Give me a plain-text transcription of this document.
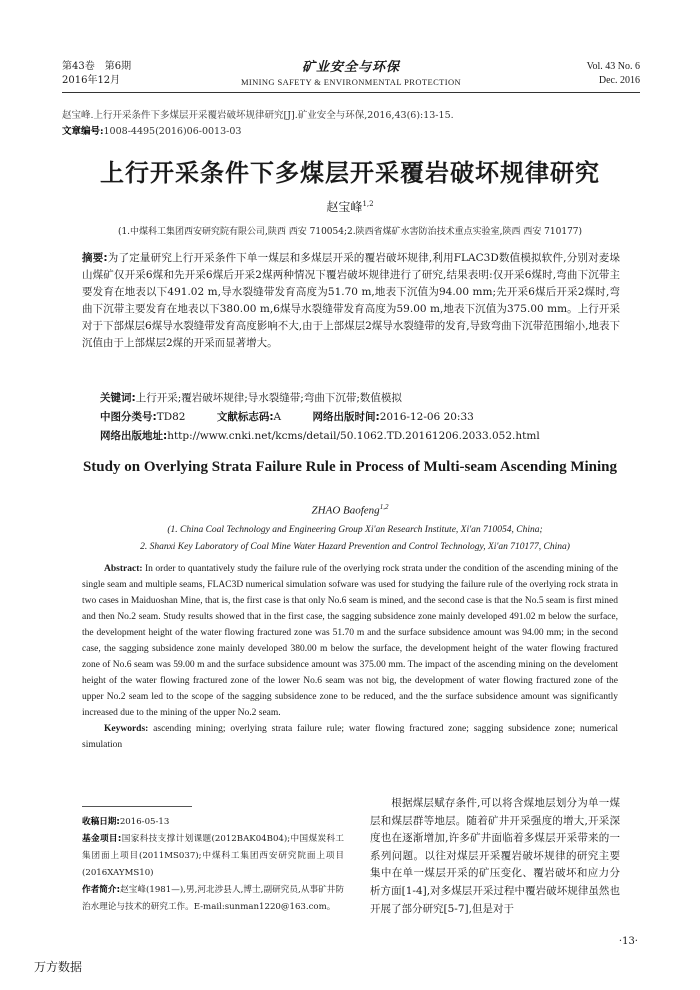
第43卷　第6期
2016年12月
矿业安全与环保
MINING SAFETY & ENVIRONMENTAL PROTECTION
Vol. 43 No. 6
Dec. 2016
赵宝峰.上行开采条件下多煤层开采覆岩破坏规律研究[J].矿业安全与环保,2016,43(6):13-15.
文章编号:1008-4495(2016)06-0013-03
上行开采条件下多煤层开采覆岩破坏规律研究
赵宝峰$^{1,2}$
(1.中煤科工集团西安研究院有限公司,陕西 西安 710054;2.陕西省煤矿水害防治技术重点实验室,陕西 西安 710177)
摘要:为了定量研究上行开采条件下单一煤层和多煤层开采的覆岩破坏规律,利用FLAC3D数值模拟软件,分别对麦垛山煤矿仅开采6煤和先开采6煤后开采2煤两种情况下覆岩破坏规律进行了研究,结果表明:仅开采6煤时,弯曲下沉带主要发育在地表以下491.02 m,导水裂缝带发育高度为51.70 m,地表下沉值为94.00 mm;先开采6煤后开采2煤时,弯曲下沉带主要发育在地表以下380.00 m,6煤导水裂缝带发育高度为59.00 m,地表下沉值为375.00 mm。上行开采对于下部煤层6煤导水裂缝带发育高度影响不大,由于上部煤层2煤导水裂缝带的发育,导致弯曲下沉带范围缩小,地表下沉值由于上部煤层2煤的开采而显著增大。
关键词:上行开采;覆岩破坏规律;导水裂缝带;弯曲下沉带;数值模拟
中图分类号:TD82	文献标志码:A	网络出版时间:2016-12-06 20:33
网络出版地址:http://www.cnki.net/kcms/detail/50.1062.TD.20161206.2033.052.html
Study on Overlying Strata Failure Rule in Process of Multi-seam Ascending Mining
ZHAO Baofeng$^{1,2}$
(1. China Coal Technology and Engineering Group Xi'an Research Institute, Xi'an 710054, China;
2. Shanxi Key Laboratory of Coal Mine Water Hazard Prevention and Control Technology, Xi'an 710177, China)
Abstract: In order to quantatively study the failure rule of the overlying rock strata under the condition of the ascending mining of the single seam and multiple seams, FLAC3D numerical simulation sofware was used for studying the failure rule of the overlying rock strata in two cases in Maiduoshan Mine, that is, the first case is that only No.6 seam is mined, and the second case is that the No.5 seam is first mined and then No.2 seam. Study results showed that in the first case, the sagging subsidence zone mainly developed 491.02 m below the surface, the development height of the water flowing fractured zone was 51.70 m and the surface subsidence amount was 94.00 mm; in the second case, the sagging subsidence zone mainly developed 380.00 m below the surface, the development height of the water flowing fractured zone of No.6 seam was 59.00 m and the surface subsidence amount was 375.00 mm. The impact of the ascending mining on the develoment height of the water flowing fractured zone of the lower No.6 seam was not big, the development of water flowing fractured zone of the upper No.2 seam led to the scope of the sagging subsidence zone to be reduced, and the the surface subsidence amount was significantly increased due to the mining of the upper No.2 seam.
Keywords: ascending mining; overlying strata failure rule; water flowing fractured zone; sagging subsidence zone; numerical simulation
收稿日期:2016-05-13
基金项目:国家科技支撑计划课题(2012BAK04B04);中国煤炭科工集团面上项目(2011MS037);中煤科工集团西安研究院面上项目(2016XAYMS10)
作者简介:赵宝峰(1981—),男,河北涉县人,博士,副研究员,从事矿井防治水理论与技术的研究工作。E-mail:sunman1220@163.com。
根据煤层赋存条件,可以将含煤地层划分为单一煤层和煤层群等地层。随着矿井开采强度的增大,开采深度也在逐渐增加,许多矿井面临着多煤层开采带来的一系列问题。以往对煤层开采覆岩破坏规律的研究主要集中在单一煤层开采的矿压变化、覆岩破坏和应力分析方面[1-4],对多煤层开采过程中覆岩破坏规律虽然也开展了部分研究[5-7],但是对于
·13·
万方数据
